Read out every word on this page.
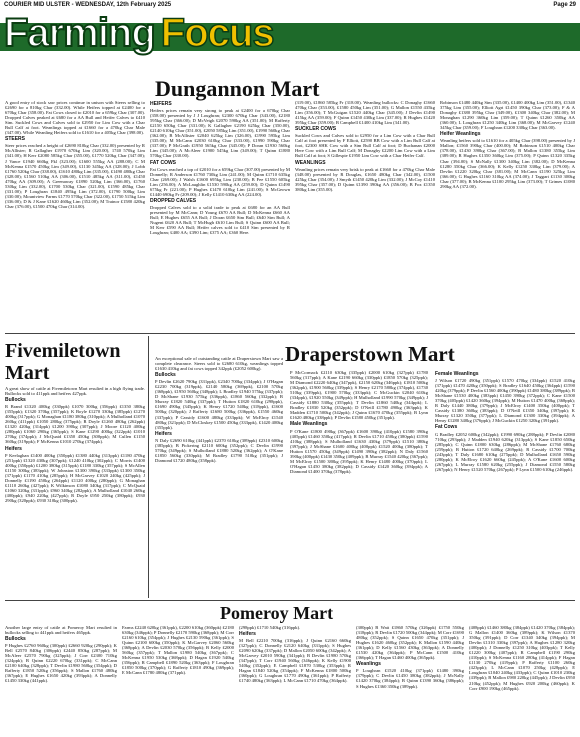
COURIER MID ULSTER - WEDNESDAY, 12th February 2025	Page 29
Farming Focus
Dungannon Mart

A good entry of stock saw prices continue in unison with Steers selling to £2690 for a 810kg Char (332.00). While Heifers topped at £2400 for a 670kg Char (358.00). Fat Cows closed to £2010 for a 659kg Char (307.00). Dropped Calves peaked at £680 for a AA Bull and Heifer Calves to £410 Sim. Suckled Cows and Calves sold to £2950 for Lim Cow with a Char Bull Calf at foot. Weanlings topped at £1660 for a 470kg Char Male (347.00). While Weanling Heifers sold to £1610 for a 405kg Char (398.00).

STEERS

Steer prices reached a height of £2690 810kg Char (332.00) presented by R McAllister; R Gallagher £1970 670kg Lim (320.00), 1740 570kg Lim (341.00); H Kerr £2080 585kg Char (355.00), £1770 520kg Char (347.00); J Vance £1940 660kg Fkl (323.00); £1600 555kg AA (288.00); C M McKenna £1570 450kg Lim (349.00), £1130 345kg AA (328.00); J Lobb £1760 520kg Char (338.00), £1610 480kg Lim (335.00), £1490 480kg Char (328.00); £1560 510kg AA (306.00), £1510 485kg AA (311.00), £1450 470kg AA (309.00); A Greenaway £1890 520kg Lim (366.00), £1760 530kg Lim (332.00), £1700 530kg Char (321.00), £1590 485kg Char (331.00); P Loughran £1840 495kg Lim (372.00), £1790 500kg Lim (330.00); Mountview Farms £1770 570kg Char (322.00), £1750 515kg Lim (336.00); D & J Kane £1620 460kg Lim (352.00); M Trainor £1580 420kg Char (376.00), £1500 470kg Char (314.00).

HEIFERS

Heifers prices remain very strong to peak at £2400 for a 670kg Char (358.00) presented by J J Loughran; £2300 670kg Char (343.00), £2180 595kg Char (366.00); D McVeigh £2070 590kg AA (351.00); M Rafferty £2150 650kg Char (331.00); K Gallagher £2190 625kg Char (350.00), £2140 610kg Char (351.00), £2050 585kg Lim (351.00), £1990 560kg Char (362.00); B McAllister £2040 625kg Lim (326.00), £1990 595kg Lim (335.00); M McCann £2030 610kg Char (333.00), £1990 590kg Char (337.00); P McGrath £1950 565kg Char (345.00); P Doran £1930 560kg Lim (345.00); A McAleer £1900 545kg Lim (349.00); T Quinn £1880 570kg Char (330.00).

FAT COWS

Fat Cows reached a top of £2010 for a 659kg Char (307.00) presented by M Donnelly; R Anderson £1760 730kg Lim (241.00); M Quinn £1710 635kg Char (269.00); J Walsh £1600 695kg Lim (230.00); B Fee £1550 605kg Lim (256.00); A McLaughlin £1530 590kg AA (259.00); D Quinn £1490 675kg Fr (221.00); P Hughes £1470 610kg Lim (241.00); S McGeown £1440 690kg Fr (209.00); J Kelly £1410 630kg AA (224.00).

DROPPED CALVES

Dropped Calves sold to a solid trade to peak at £680 for an AA Bull presented by M McCann; D Young £670 AA Bull; D McKenna £660 AA Bull; E Hughes £655 AA Bull; J Doran £650 Sim Bull; £640 Sim Bull; A Nugent £620 AA Bull; T McHugh £610 Lim Bull; S Quinn £600 AA Bull; M Kerr £590 AA Bull; Heifer calves sold to £410 Sim presented by R Loughran; £400 AA; £390 Lim; £375 AA; £360 Here.

(319.00), £1860 585kg Fr (318.00). Weanling bullocks: C Donaghy £1660 470kg Char (353.00), £1580 450kg Lim (351.00); G Mallon £1550 435kg Lim (356.00); T McGuigan £1520 440kg Char (345.00); J Devlin £1490 415kg AA (359.00); F Quinn £1450 430kg Lim (337.00); R Hughes £1420 395kg Char (359.00); B Campbell £1400 410kg Lim (341.00).

SUCKLER COWS

Suckled Cows and Calves sold to £2950 for a Lim Cow with a Char Bull Calf at foot presented by F Elliott, £2590 BB Cow with a Lim Bull Calf at foot, £2300 SHK Cow with a Sim Bull Calf at foot; D Buchanan £2000 Here Cow with a Lim Bull Calf; M Donaghy £2200 Lim Cow with a Lim Bull Calf at foot; S Gillespie £1950 Lim Cow with a Char Heifer Calf.

WEANLINGS

Weanling prices remain very brisk to peak at £1660 for a 470kg Char Male (348.00) presented by R Douglas, £1650 480kg Char (342.00), £1500 425kg Char (354.00); J Smyth £1450 420kg Lim (332.00); J McCoy £1410 395kg Char (357.00); D Quinn £1390 390kg AA (356.00); B Fox £1350 380kg Lim (355.00).

Robinson £1480 440kg Sim (335.00), £1400 400kg Lim (351.00), £1340 375kg Lim (355.00); Elliott Agri £1450 390kg Char (373.00); F & A Donaghy £1380 395kg Char (349.00), £1300 340kg Char (382.00); M Monaghan £1290 360kg Lim (359.00); T Quinn £1260 350kg AA (360.00); L Loughran £1250 340kg Lim (368.00); M McGarvey £1240 345kg Char (359.00); F Loughran £1200 330kg Char (363.00).

Heifer Weanlings

Weanling heifers sold to £1610 for a 405kg Char (398.00) presented by J Mallon; £1560 390kg Char (400.00); M Robinson £1510 400kg Char (378.00), £1430 390kg Char (367.00); B Mallon £1380 355kg Lim (389.00); R Hughes £1350 360kg Lim (375.00); P Quinn £1320 335kg Char (394.00); S McNally £1300 340kg Lim (382.00); D McKenna £1280 350kg Char (366.00); K Kelly £1250 330kg Lim (379.00); A Devlin £1220 320kg Char (381.00); M McCann £1190 325kg Lim (366.00); G Hughes £1160 310kg AA (374.00); J Taggart £1130 300kg Char (377.00); B McKenna £1100 295kg Lim (373.00); T Grimes £1080 290kg AA (372.00).

Fivemiletown Mart

A great show of cattle at Fivemiletown Mart resulted in a high flying trade. Bullocks sold to 411ppk and heifers 427ppk.

Bullocks

R Brand £1320 400kg (330ppk) £1070 300kg (356ppk) £1350 380kg (355ppk); £1320 370kg (357ppk); K Boyle £1270 330kg (385ppk) £1270 400kg (317ppk); G Monaghan £1180 380kg (310ppk); A Mulholland £1070 260kg (411ppk) £1050 280kg (375ppk); R Doyle £1260 480kg (262ppk) £1320 420kg (314ppk) £1200 390kg (307ppk); J Moore £1120 400kg (280ppk) £1060 290kg (365ppk); S Kane £1290 400kg (322ppk) £1010 270kg (374ppk); J McQuaid £1350 450kg (300ppk); M Cullen £1150 360kg (319ppk); F McKenna £1010 270kg (374ppk).

Heifers

P Keelaghan £1400 400kg (350ppk) £1380 440kg (313ppk) £1180 470kg (251ppk) £1320 430kg (307ppk); £1240 410kg (302ppk); C Morris £1400 400kg (350ppk) £1200 380kg (315ppk) £1180 330kg (357ppk); S McAllen £1150 300kg (383ppk); W Johnston £1300 390kg (333ppk) £1300 350kg (371ppk) £1170 410kg (285ppk); H McGarvey £1020 240kg (425ppk); J Donnelly £1190 450kg (264ppk) £1120 400kg (280ppk); G Monaghan £1110 260kg (427ppk); K Wilkinson £1080 340kg (317ppk); C McQuaid £1060 320kg (331ppk); £960 340kg (282ppk); A Mulholland £1040 260kg (400ppk); £940 220kg (427ppk); R Doyle £950 250kg (380ppk); £930 290kg (320ppk); £930 310kg (300ppk).

Draperstown Mart

An exceptional sale of outstanding cattle at Draperstown Mart saw a complete clearance. Steers sold to £2680 610kg, weanlings topped £1630 410kg and fat cows topped 342ppk (£2052 600kg).

Bullocks

P Devlin £2620 790kg (331ppk), £2340 700kg (334ppk); J O'Hagan £2230 700kg (319ppk), £2140 580kg (369ppk), £2100 570kg (368ppk), £1950 560kg (348ppk); L Bradley £1940 575kg (337ppk); D McShane £1930 575kg (336ppk), £1860 560kg (332ppk); B Murray £1820 540kg (337ppk); T Hutton £1820 610kg (298ppk), £1690 490kg (345ppk); K Henry £1720 540kg (318ppk), £1600 500kg (320ppk); J Rafferty £1680 500kg (336ppk), £1550 460kg (337ppk); P Cassidy £1600 480kg (333ppk); W McElroy £1540 480kg (321ppk); D McCloskey £1500 450kg (333ppk), £1420 400kg (355ppk).

Heifers

N Daly £2690 610kg (441ppk) £2370 610kg (389ppk) £2310 600kg (385ppk); B Pickering £2110 600kg (352ppk); C Devlin £1990 570kg (349ppk); S Mulholland £1880 520kg (362ppk); A O'Kane £1850 560kg (330ppk); M Bradley £1790 510kg (351ppk); J Diamond £1720 480kg (358ppk).

P McCormack £2110 630kg (335ppk) £2000 610kg (327ppk) £1780 560kg (317ppk); A Kane £2190 660kg (330ppk) £1850 570kg (325ppk); M Diamond £2220 640kg (347ppk), £2150 620kg (346ppk); £1810 500kg (362ppk), £1900 560kg (339ppk); S Henry £2170 580kg (374ppk), £1730 510kg (339ppk), £1900 570kg (333ppk); C McGuckin £2040 610kg (334ppk), £1920 550kg (349ppk); H Mulholland £1990 570kg (349ppk); J Cassidy £1880 530kg (355ppk); T Devlin £1860 540kg (344ppk); L Bradley £1830 520kg (352ppk); D O'Neill £1780 490kg (363ppk); K Madden £1710 500kg (342ppk); J Quinn £1670 470kg (355ppk); B Lynn £1620 480kg (338ppk); P Devlin £1580 450kg (351ppk).

Male Weanlings

P O'Kane £1800 490kg (367ppk) £1600 390kg (410ppk) £1580 390kg (405ppk) £1460 350kg (417ppk); R Devlin £1710 450kg (380ppk) £1590 410kg (388ppk); S Mulholland £1630 430kg (379ppk) £1510 380kg (397ppk); J McShane £1600 400kg (400ppk) £1520 400kg (380ppk); T Hutton £1570 450kg (349ppk) £1490 390kg (382ppk); N Daly £1560 390kg (400ppk) £1430 350kg (409ppk); B Murray £1540 420kg (367ppk); M McElroy £1500 380kg (395ppk); K Henry £1480 400kg (370ppk); L O'Hagan £1450 380kg (382ppk); D Cassidy £1420 360kg (394ppk); A Diamond £1400 370kg (378ppk).

Female Weanlings

J Wilson £1720 490kg (351ppk) £1570 470kg (334ppk) £1520 410kg (371ppk) £1470 420kg (350ppk); S Bradley £1640 450kg (364ppk) £1590 420kg (379ppk); P Devlin £1560 400kg (390ppk) £1480 380kg (389ppk); B McShane £1530 400kg (383ppk) £1450 390kg (372ppk); C Kane £1500 370kg (405ppk) £1420 360kg (394ppk); M Hutton £1470 400kg (368ppk); R Daly £1440 380kg (379ppk); J McElroy £1400 350kg (400ppk); T Cassidy £1380 360kg (383ppk); D O'Neill £1350 340kg (397ppk); K Murray £1320 350kg (377ppk); L Diamond £1300 330kg (394ppk); A Henry £1280 340kg (376ppk); J McGuckin £1250 320kg (391ppk).

Fat Cows

G Bradley £2052 600kg (342ppk); £1990 690kg (288ppk); P Devlin £2080 710kg (293ppk); J Madden £1940 620kg (313ppk); S Kane £1850 650kg (285ppk); C Quinn £1800 630kg (286ppk); M McShane £1760 680kg (259ppk); B Hutton £1720 640kg (269ppk); R Cassidy £1700 700kg (243ppk); T Daly £1680 610kg (275ppk); D Mulholland £1650 590kg (280ppk); K McElroy £1620 660kg (245ppk); A O'Kane £1600 600kg (267ppk); L Murray £1580 620kg (255ppk); J Diamond £1550 580kg (267ppk); N Henry £1520 570kg (267ppk); P Lynn £1500 610kg (246ppk).

Pomeroy Mart

Another large entry of cattle at Pomeroy Mart resulted in bullocks selling to 441ppk and heifers 465ppk.

Bullocks

P Hughes £2760 960kg (300ppk) £2660 920kg (290ppk); K Bell £2570 840kg (306ppk) £2440 850kg (287ppk); M McAleer £2570 790kg (325ppk); J Corr £2300 710kg (324ppk); B Quinn £2220 670kg (331ppk); C McCann £2100 640kg (328ppk); T Devlin £1980 560kg (354ppk); D Rafferty £1850 520kg (356ppk); S Mallon £1760 480kg (367ppk); E Hughes £1650 420kg (393ppk); A Donnelly £1450 330kg (441ppk).

Farms £2240 620kg (361ppk), £2200 610kg (360ppk) £2180 630kg (346ppk); P Donnelly £2170 590kg (368ppk); M Corr £2160 610kg (354ppk); J Hughes £2130 590kg (361ppk); S Quinn £2100 600kg (350ppk); K McGarvey £2060 560kg (368ppk); A Devlin £2030 570kg (356ppk); B Kelly £2000 560kg (357ppk); T Mallon £1980 540kg (367ppk); C McKenna £1950 530kg (368ppk); D Hagan £1920 540kg (356ppk); R Campbell £1890 520kg (363ppk); F Loughran £1850 500kg (370ppk); G Rafferty £1810 490kg (369ppk); E McCann £1780 480kg (371ppk).

(298ppk) £1710 540kg (316ppk).

Heifers

M Bell £2210 700kg (316ppk); J Quinn £2160 660kg (327ppk); C Donnelly £2120 640kg (331ppk); S Hughes £2090 620kg (337ppk); D Mallon £2050 600kg (342ppk); A McGarvey £2010 590kg (341ppk); B Devlin £1980 570kg (347ppk); T Corr £1940 560kg (346ppk); K Kelly £1900 540kg (352ppk); E Campbell £1870 530kg (353ppk); R Hagan £1840 520kg (354ppk); F McKenna £1800 500kg (360ppk); G Loughran £1770 490kg (361ppk); P Rafferty £1740 480kg (363ppk); L McCann £1710 470kg (364ppk).

(300ppk) B Watt £1860 570kg (326ppk) £1750 550kg (318ppk); R Devlin £1720 500kg (344ppk); M Corr £1690 480kg (352ppk); S Quinn £1650 470kg (351ppk); J Hughes £1620 460kg (352ppk); K Mallon £1590 440kg (361ppk); D Kelly £1560 430kg (363ppk); A Donnelly £1530 420kg (364ppk); P McCann £1500 410kg (366ppk); T Hagan £1460 400kg (365ppk).

Weanlings

P Loughran £1520 410kg (371ppk) £1480 390kg (379ppk); C Devlin £1450 380kg (382ppk); J McNally £1420 370kg (384ppk); B Quinn £1390 360kg (386ppk); S Hughes £1360 350kg (389ppk).

(408ppk) £1460 380kg (384ppk) £1420 370kg (384ppk); G Mallon £1400 360kg (389ppk); K Wilson £1370 350kg (391ppk); D Corr £1340 340kg (394ppk); M Devlin £1310 330kg (397ppk); A Hughes £1280 320kg (400ppk); J Donnelly £1250 310kg (403ppk); T Kelly £1220 300kg (407ppk); R Campbell £1190 290kg (410ppk); S McKenna £1160 280kg (414ppk); F Hagan £1130 270kg (419ppk); P Rafferty £1100 260kg (423ppk); L McCann £1070 250kg (428ppk); E Loughran £1040 240kg (433ppk); C Quinn £1010 230kg (439ppk); B Mallon £980 220kg (445ppk); J Devlin £950 210kg (452ppk); M Hughes £920 200kg (460ppk); K Corr £900 190kg (465ppk).
